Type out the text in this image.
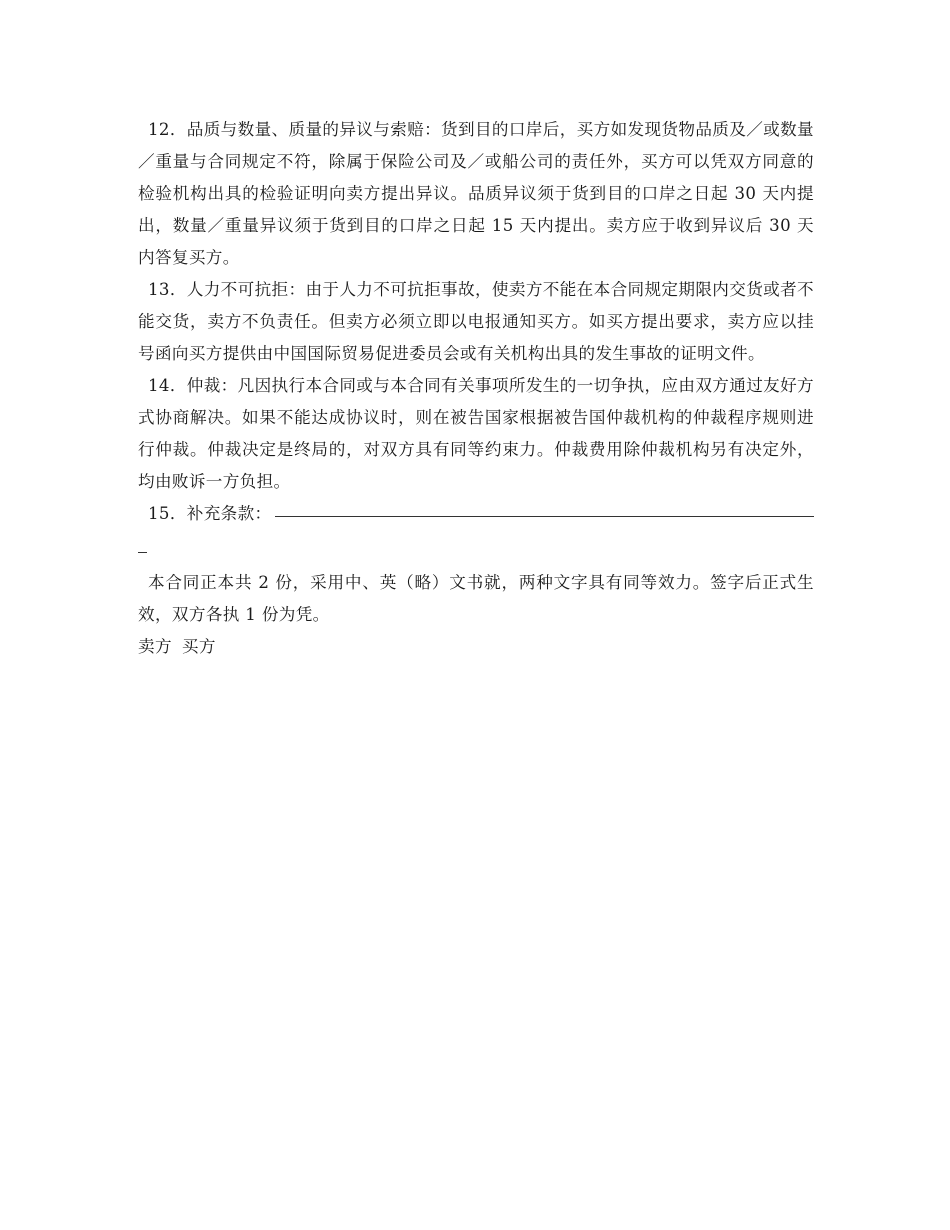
12．品质与数量、质量的异议与索赔：货到目的口岸后，买方如发现货物品质及／或数量／重量与合同规定不符，除属于保险公司及／或船公司的责任外，买方可以凭双方同意的检验机构出具的检验证明向卖方提出异议。品质异议须于货到目的口岸之日起 30 天内提出，数量／重量异议须于货到目的口岸之日起 15 天内提出。卖方应于收到异议后 30 天内答复买方。

13．人力不可抗拒：由于人力不可抗拒事故，使卖方不能在本合同规定期限内交货或者不能交货，卖方不负责任。但卖方必须立即以电报通知买方。如买方提出要求，卖方应以挂号函向买方提供由中国国际贸易促进委员会或有关机构出具的发生事故的证明文件。

14．仲裁：凡因执行本合同或与本合同有关事项所发生的一切争执，应由双方通过友好方式协商解决。如果不能达成协议时，则在被告国家根据被告国仲裁机构的仲裁程序规则进行仲裁。仲裁决定是终局的，对双方具有同等约束力。仲裁费用除仲裁机构另有决定外，均由败诉一方负担。

15． 补充条款：

本合同正本共 2 份，采用中、英（略）文书就，两种文字具有同等效力。签字后正式生效，双方各执 1 份为凭。

卖方 买方
